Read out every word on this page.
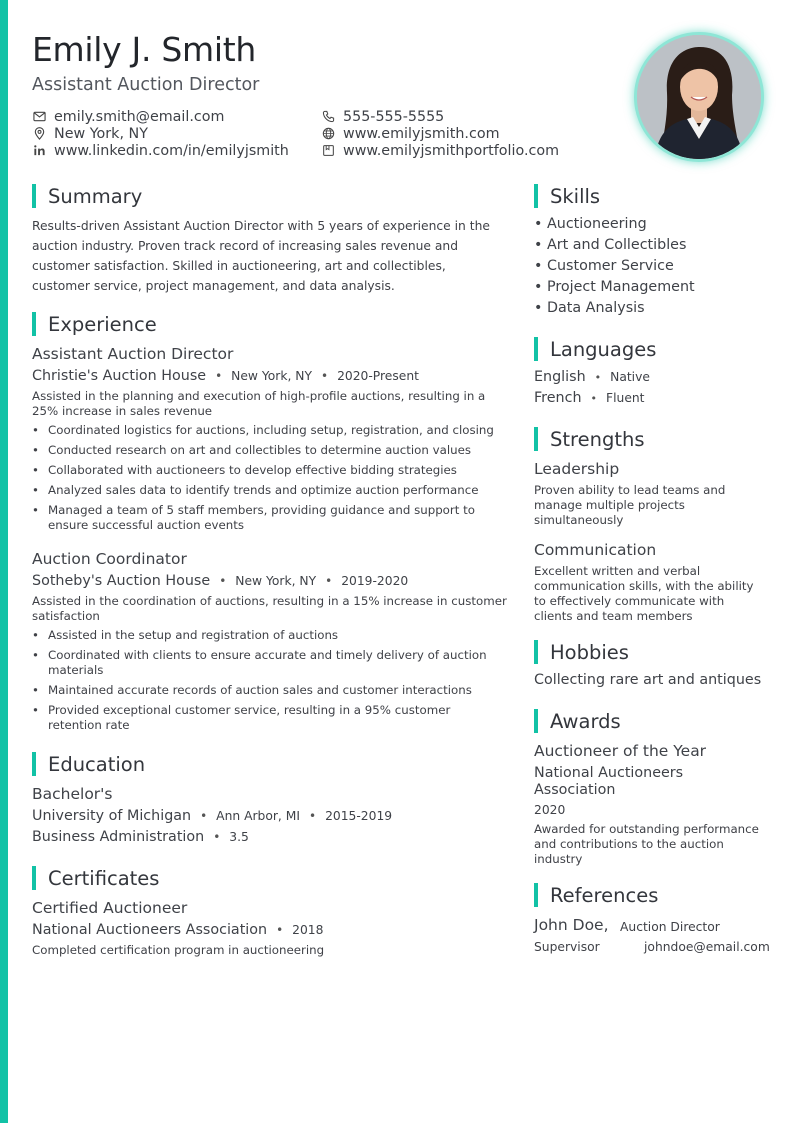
Emily J. Smith
Assistant Auction Director
emily.smith@email.com
New York, NY
www.linkedin.com/in/emilyjsmith
555-555-5555
www.emilyjsmith.com
www.emilyjsmithportfolio.com
Summary

Results-driven Assistant Auction Director with 5 years of experience in the auction industry. Proven track record of increasing sales revenue and customer satisfaction. Skilled in auctioneering, art and collectibles, customer service, project management, and data analysis.

Experience
Assistant Auction Director
Christie's Auction House • New York, NY • 2020-Present

Assisted in the planning and execution of high-profile auctions, resulting in a 25% increase in sales revenue

• Coordinated logistics for auctions, including setup, registration, and closing
• Conducted research on art and collectibles to determine auction values
• Collaborated with auctioneers to develop effective bidding strategies
• Analyzed sales data to identify trends and optimize auction performance
• Managed a team of 5 staff members, providing guidance and support to ensure successful auction events
Auction Coordinator
Sotheby's Auction House • New York, NY • 2019-2020

Assisted in the coordination of auctions, resulting in a 15% increase in customer satisfaction

• Assisted in the setup and registration of auctions
• Coordinated with clients to ensure accurate and timely delivery of auction materials
• Maintained accurate records of auction sales and customer interactions
• Provided exceptional customer service, resulting in a 95% customer retention rate
Education
Bachelor's
University of Michigan • Ann Arbor, MI • 2015-2019
Business Administration • 3.5
Certificates
Certified Auctioneer
National Auctioneers Association • 2018

Completed certification program in auctioneering

Skills
• Auctioneering
• Art and Collectibles
• Customer Service
• Project Management
• Data Analysis
Languages
English • Native
French • Fluent
Strengths
Leadership

Proven ability to lead teams and manage multiple projects simultaneously

Communication

Excellent written and verbal communication skills, with the ability to effectively communicate with clients and team members

Hobbies
Collecting rare art and antiques
Awards
Auctioneer of the Year
National Auctioneers Association
2020

Awarded for outstanding performance and contributions to the auction industry

References
John Doe, Auction Director
Supervisor	johndoe@email.com
